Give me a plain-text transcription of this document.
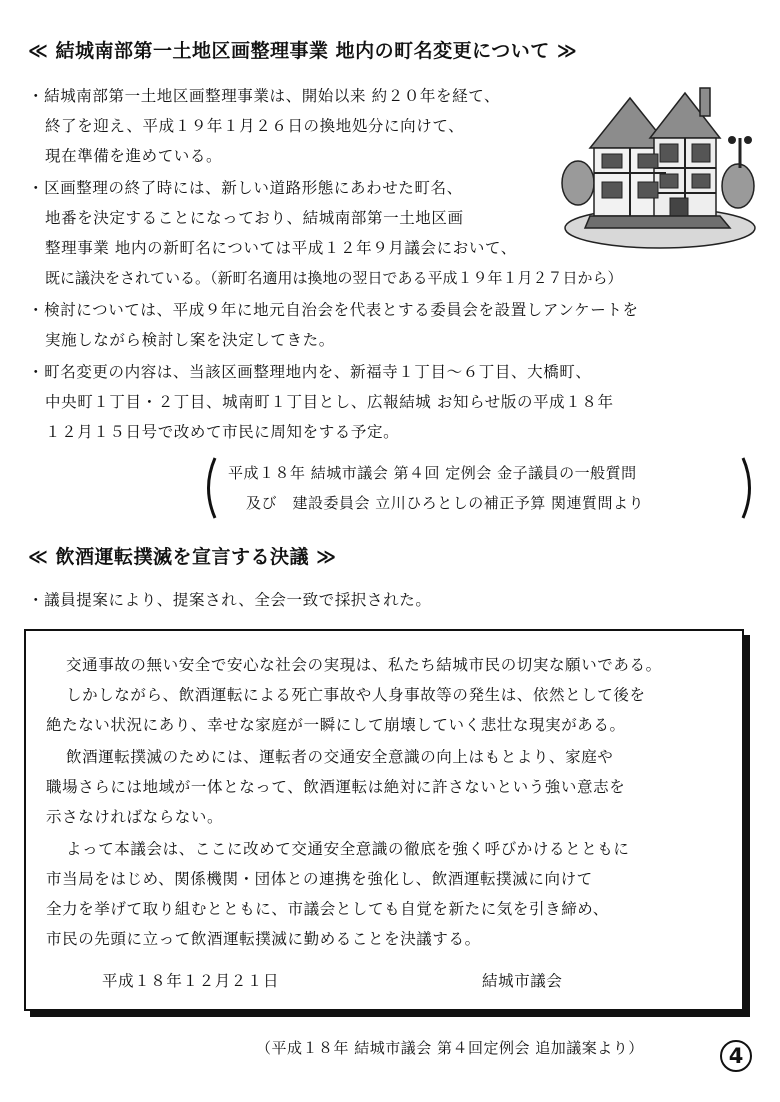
≪ 結城南部第一土地区画整理事業 地内の町名変更について ≫
・結城南部第一土地区画整理事業は、開始以来 約２０年を経て、
終了を迎え、平成１９年１月２６日の換地処分に向けて、
現在準備を進めている。
・区画整理の終了時には、新しい道路形態にあわせた町名、
地番を決定することになっており、結城南部第一土地区画
整理事業 地内の新町名については平成１２年９月議会において、
既に議決をされている。（新町名適用は換地の翌日である平成１９年１月２７日から）
・検討については、平成９年に地元自治会を代表とする委員会を設置しアンケートを
実施しながら検討し案を決定してきた。
・町名変更の内容は、当該区画整理地内を、新福寺１丁目～６丁目、大橋町、
中央町１丁目・２丁目、城南町１丁目とし、広報結城 お知らせ版の平成１８年
１２月１５日号で改めて市民に周知をする予定。
平成１８年 結城市議会 第４回 定例会 金子議員の一般質問
及び　建設委員会 立川ひろとしの補正予算 関連質問より
≪ 飲酒運転撲滅を宣言する決議 ≫
・議員提案により、提案され、全会一致で採択された。
交通事故の無い安全で安心な社会の実現は、私たち結城市民の切実な願いである。
しかしながら、飲酒運転による死亡事故や人身事故等の発生は、依然として後を
絶たない状況にあり、幸せな家庭が一瞬にして崩壊していく悲壮な現実がある。
飲酒運転撲滅のためには、運転者の交通安全意識の向上はもとより、家庭や
職場さらには地域が一体となって、飲酒運転は絶対に許さないという強い意志を
示さなければならない。
よって本議会は、ここに改めて交通安全意識の徹底を強く呼びかけるとともに
市当局をはじめ、関係機関・団体との連携を強化し、飲酒運転撲滅に向けて
全力を挙げて取り組むとともに、市議会としても自覚を新たに気を引き締め、
市民の先頭に立って飲酒運転撲滅に勤めることを決議する。
平成１８年１２月２１日	結城市議会
（平成１８年 結城市議会 第４回定例会 追加議案より）	4
